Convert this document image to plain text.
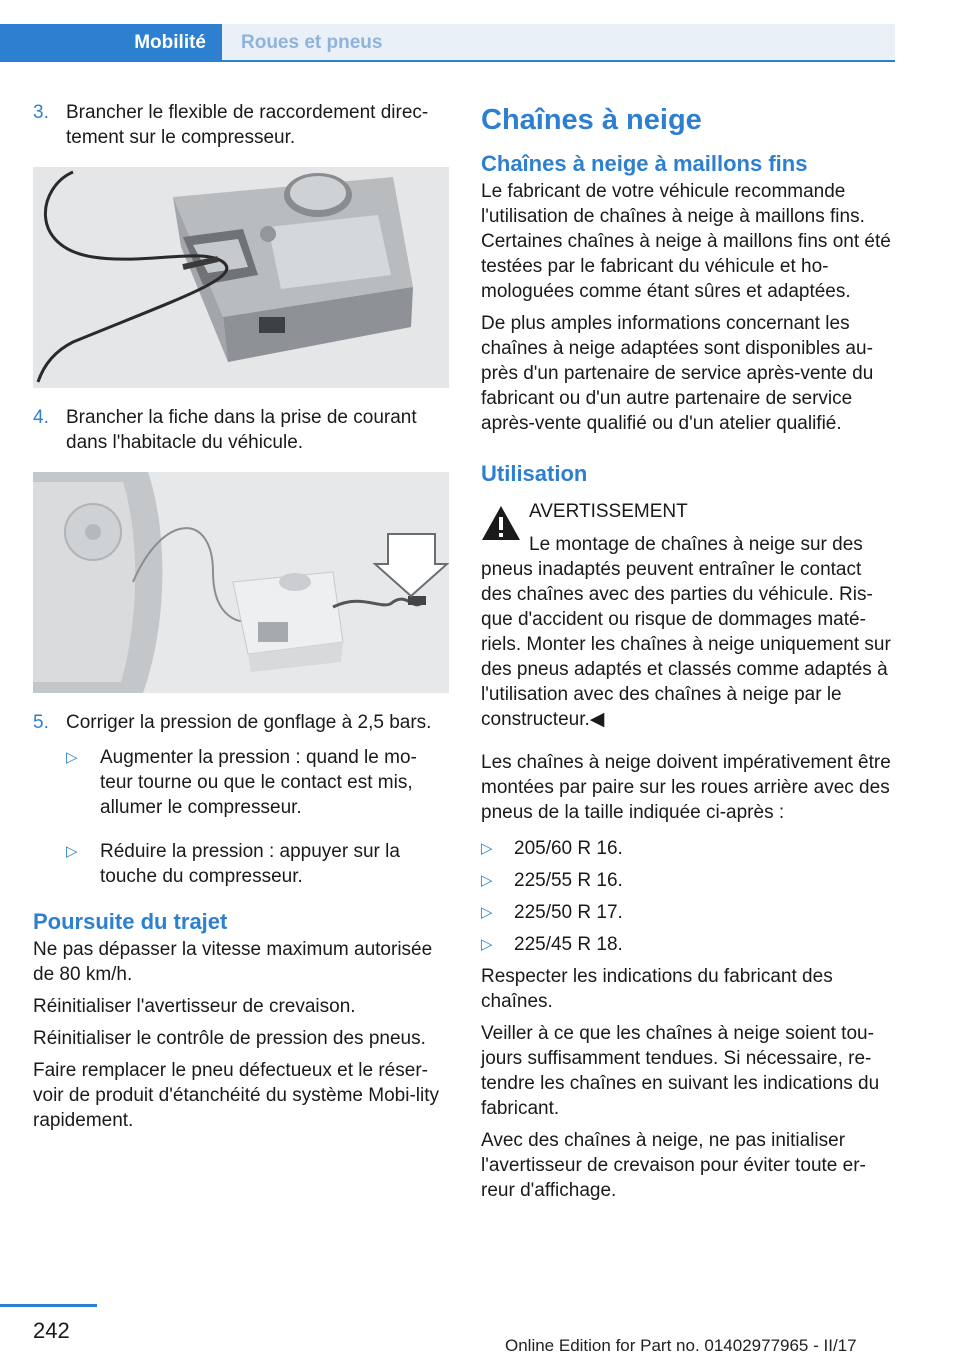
Mobilité	Roues et pneus
3. Brancher le flexible de raccordement direc-tement sur le compresseur.
4. Brancher la fiche dans la prise de courant dans l'habitacle du véhicule.
5. Corriger la pression de gonflage à 2,5 bars.
▷ Augmenter la pression : quand le mo-teur tourne ou que le contact est mis, allumer le compresseur.
▷ Réduire la pression : appuyer sur la touche du compresseur.
Poursuite du trajet

Ne pas dépasser la vitesse maximum autorisée de 80 km/h.

Réinitialiser l'avertisseur de crevaison.

Réinitialiser le contrôle de pression des pneus.

Faire remplacer le pneu défectueux et le réser-voir de produit d'étanchéité du système Mobi-lity rapidement.

Chaînes à neige
Chaînes à neige à maillons fins

Le fabricant de votre véhicule recommande l'utilisation de chaînes à neige à maillons fins. Certaines chaînes à neige à maillons fins ont été testées par le fabricant du véhicule et ho-mologuées comme étant sûres et adaptées.

De plus amples informations concernant les chaînes à neige adaptées sont disponibles au-près d'un partenaire de service après-vente du fabricant ou d'un autre partenaire de service après-vente qualifié ou d'un atelier qualifié.

Utilisation
AVERTISSEMENT

Le montage de chaînes à neige sur des pneus inadaptés peuvent entraîner le contact des chaînes avec des parties du véhicule. Ris-que d'accident ou risque de dommages maté-riels. Monter les chaînes à neige uniquement sur des pneus adaptés et classés comme adaptés à l'utilisation avec des chaînes à neige par le constructeur.◀

Les chaînes à neige doivent impérativement être montées par paire sur les roues arrière avec des pneus de la taille indiquée ci-après :

▷ 205/60 R 16.
▷ 225/55 R 16.
▷ 225/50 R 17.
▷ 225/45 R 18.

Respecter les indications du fabricant des chaînes.

Veiller à ce que les chaînes à neige soient tou-jours suffisamment tendues. Si nécessaire, re-tendre les chaînes en suivant les indications du fabricant.

Avec des chaînes à neige, ne pas initialiser l'avertisseur de crevaison pour éviter toute er-reur d'affichage.

242
Online Edition for Part no. 01402977965 - II/17
